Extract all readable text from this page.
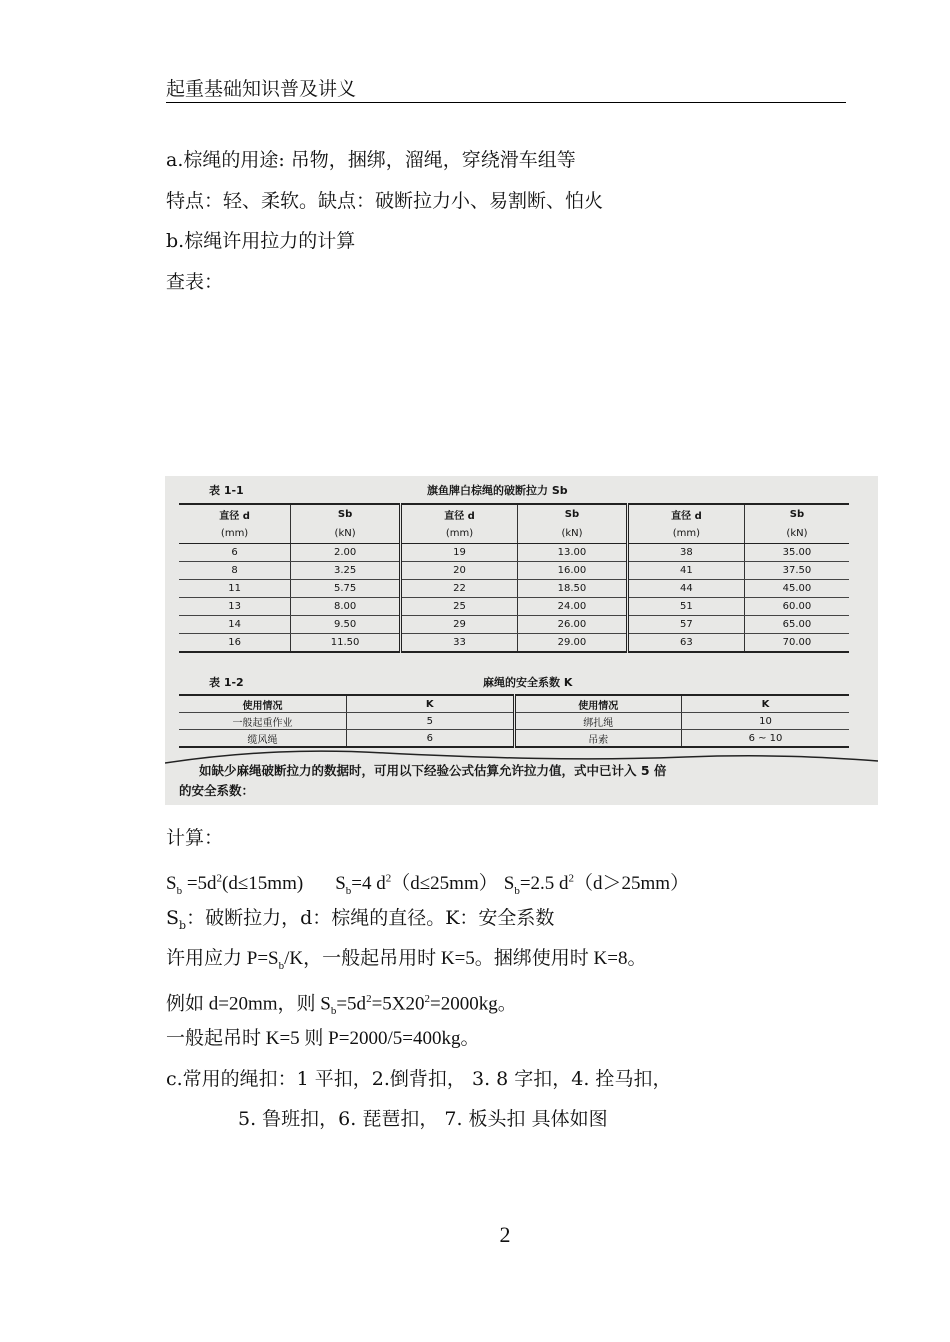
起重基础知识普及讲义
a.棕绳的用途: 吊物，捆绑，溜绳，穿绕滑车组等
特点：轻、柔软。缺点：破断拉力小、易割断、怕火
b.棕绳许用拉力的计算
查表：
表 1-1	旗鱼牌白棕绳的破断拉力 Sb
直径 d	Sb	直径 d	Sb	直径 d	Sb
(mm)	(kN)	(mm)	(kN)	(mm)	(kN)
6	2.00	19	13.00	38	35.00
8	3.25	20	16.00	41	37.50
11	5.75	22	18.50	44	45.00
13	8.00	25	24.00	51	60.00
14	9.50	29	26.00	57	65.00
16	11.50	33	29.00	63	70.00
表 1-2	麻绳的安全系数 K
使用情况	K	使用情况	K
一般起重作业	5	绑扎绳	10
缆风绳	6	吊索	6 ~ 10
如缺少麻绳破断拉力的数据时，可用以下经验公式估算允许拉力值，式中已计入 5 倍
的安全系数：
计算：
$S_b =5d^2(d\le 15mm)$ $S_b=4$ $d^2(d\le 25mm)$ $S_b=2.5$ $d^2(d>25mm)$
$S_b$：破断拉力，d：棕绳的直径。K：安全系数
许用应力 $P=S_b/K$，一般起吊用时 K=5。捆绑使用时 K=8。
例如 d=20mm，则 $S_b=5d^2=5X20^2=2000kg$。
一般起吊时 K=5 则 P=2000/5=400kg。
c.常用的绳扣：1 平扣，2.倒背扣， 3. 8 字扣，4. 拴马扣，
5. 鲁班扣，6. 琵琶扣， 7. 板头扣 具体如图
2
